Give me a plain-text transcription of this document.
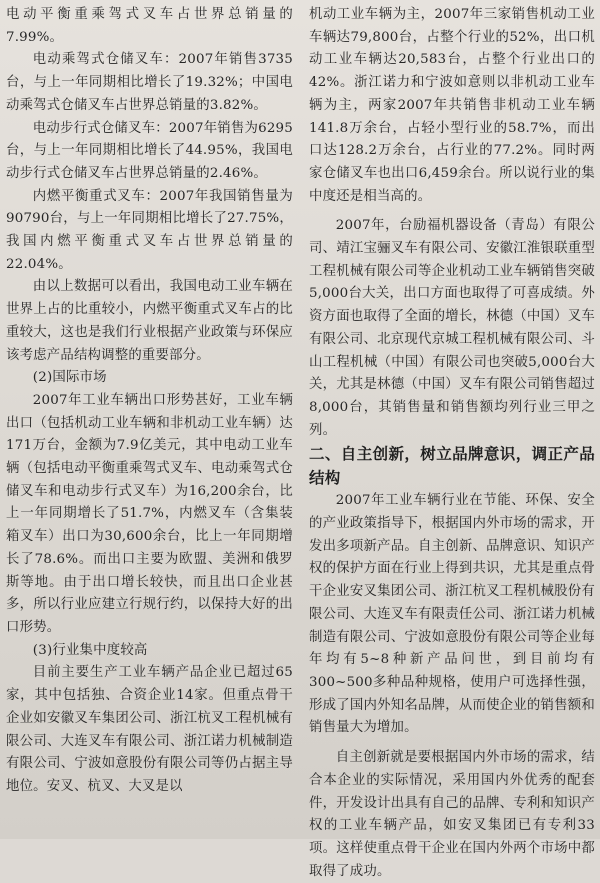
电动平衡重乘驾式叉车占世界总销量的7.99%。

电动乘驾式仓储叉车：2007年销售3735台，与上一年同期相比增长了19.32%；中国电动乘驾式仓储叉车占世界总销量的3.82%。

电动步行式仓储叉车：2007年销售为6295台，与上一年同期相比增长了44.95%，我国电动步行式仓储叉车占世界总销量的2.46%。

内燃平衡重式叉车：2007年我国销售量为90790台，与上一年同期相比增长了27.75%，我国内燃平衡重式叉车占世界总销量的22.04%。

由以上数据可以看出，我国电动工业车辆在世界上占的比重较小，内燃平衡重式叉车占的比重较大，这也是我们行业根据产业政策与环保应该考虑产品结构调整的重要部分。

(2)国际市场

2007年工业车辆出口形势甚好，工业车辆出口（包括机动工业车辆和非机动工业车辆）达171万台，金额为7.9亿美元，其中电动工业车辆（包括电动平衡重乘驾式叉车、电动乘驾式仓储叉车和电动步行式叉车）为16,200余台，比上一年同期增长了51.7%，内燃叉车（含集装箱叉车）出口为30,600余台，比上一年同期增长了78.6%。而出口主要为欧盟、美洲和俄罗斯等地。由于出口增长较快，而且出口企业甚多，所以行业应建立行规行约，以保持大好的出口形势。

(3)行业集中度较高

目前主要生产工业车辆产品企业已超过65家，其中包括独、合资企业14家。但重点骨干企业如安徽叉车集团公司、浙江杭叉工程机械有限公司、大连叉车有限公司、浙江诺力机械制造有限公司、宁波如意股份有限公司等仍占据主导地位。安叉、杭叉、大叉是以

机动工业车辆为主，2007年三家销售机动工业车辆达79,800台，占整个行业的52%，出口机动工业车辆达20,583台，占整个行业出口的42%。浙江诺力和宁波如意则以非机动工业车辆为主，两家2007年共销售非机动工业车辆141.8万余台，占轻小型行业的58.7%，而出口达128.2万余台，占行业的77.2%。同时两家仓储叉车也出口6,459余台。所以说行业的集中度还是相当高的。

2007年，台励福机器设备（青岛）有限公司、靖江宝骊叉车有限公司、安徽江淮银联重型工程机械有限公司等企业机动工业车辆销售突破5,000台大关，出口方面也取得了可喜成绩。外资方面也取得了全面的增长，林德（中国）叉车有限公司、北京现代京城工程机械有限公司、斗山工程机械（中国）有限公司也突破5,000台大关，尤其是林德（中国）叉车有限公司销售超过8,000台，其销售量和销售额均列行业三甲之列。

二、自主创新，树立品牌意识，调正产品结构

2007年工业车辆行业在节能、环保、安全的产业政策指导下，根据国内外市场的需求，开发出多项新产品。自主创新、品牌意识、知识产权的保护方面在行业上得到共识，尤其是重点骨干企业安叉集团公司、浙江杭叉工程机械股份有限公司、大连叉车有限责任公司、浙江诺力机械制造有限公司、宁波如意股份有限公司等企业每年均有5~8种新产品问世，到目前均有300~500多种品种规格，使用户可选择性强，形成了国内外知名品牌，从而使企业的销售额和销售量大为增加。

自主创新就是要根据国内外市场的需求，结合本企业的实际情况，采用国内外优秀的配套件，开发设计出具有自己的品牌、专利和知识产权的工业车辆产品，如安叉集团已有专利33项。这样使重点骨干企业在国内外两个市场中都取得了成功。
